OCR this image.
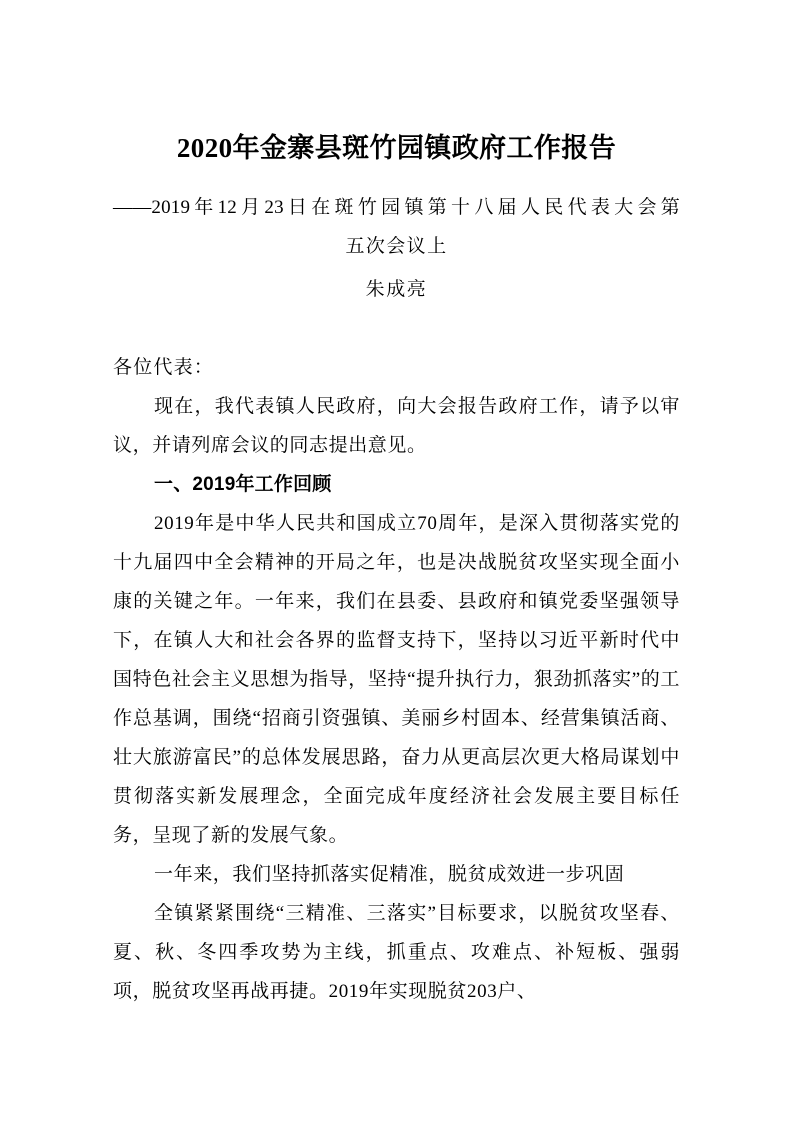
2020年金寨县斑竹园镇政府工作报告

——2019年12月23日在斑竹园镇第十八届人民代表大会第

五次会议上

朱成亮

各位代表：

现在，我代表镇人民政府，向大会报告政府工作，请予以审议，并请列席会议的同志提出意见。

一、2019年工作回顾

2019年是中华人民共和国成立70周年，是深入贯彻落实党的十九届四中全会精神的开局之年，也是决战脱贫攻坚实现全面小康的关键之年。一年来，我们在县委、县政府和镇党委坚强领导下，在镇人大和社会各界的监督支持下，坚持以习近平新时代中国特色社会主义思想为指导，坚持“提升执行力，狠劲抓落实”的工作总基调，围绕“招商引资强镇、美丽乡村固本、经营集镇活商、壮大旅游富民”的总体发展思路，奋力从更高层次更大格局谋划中贯彻落实新发展理念，全面完成年度经济社会发展主要目标任务，呈现了新的发展气象。

一年来，我们坚持抓落实促精准，脱贫成效进一步巩固

全镇紧紧围绕“三精准、三落实”目标要求，以脱贫攻坚春、夏、秋、冬四季攻势为主线，抓重点、攻难点、补短板、强弱项，脱贫攻坚再战再捷。2019年实现脱贫203户、
